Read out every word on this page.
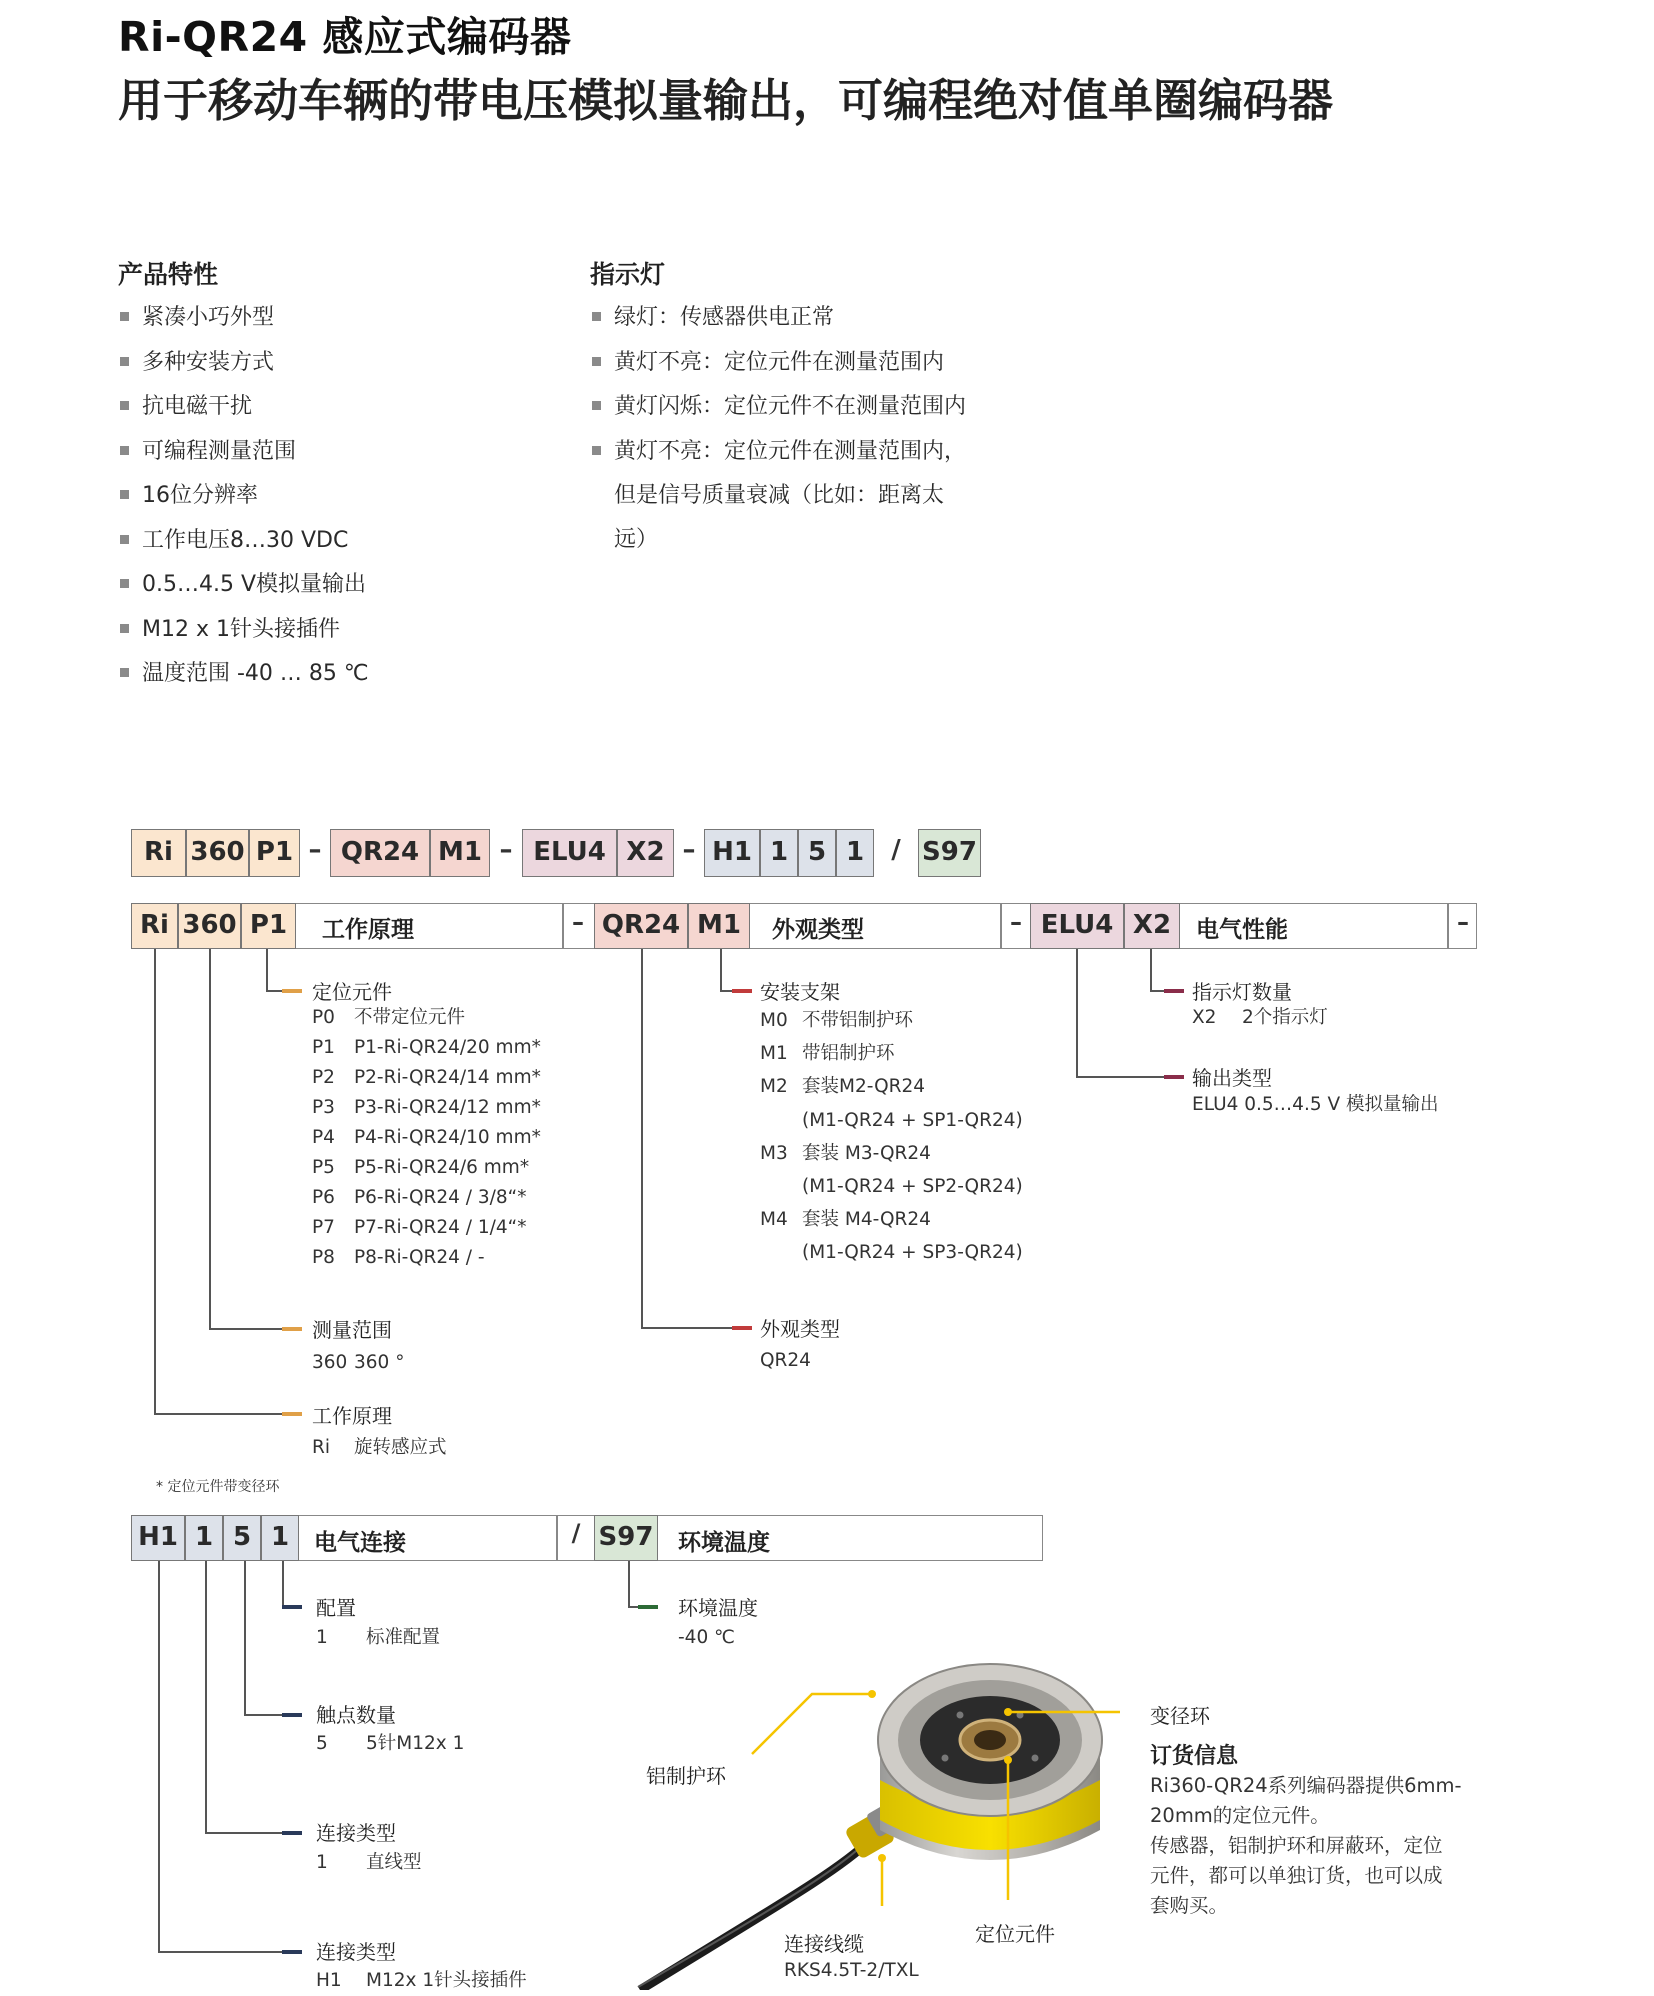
Ri-QR24 感应式编码器
用于移动车辆的带电压模拟量输出，可编程绝对值单圈编码器
产品特性
紧凑小巧外型
多种安装方式
抗电磁干扰
可编程测量范围
16位分辨率
工作电压8…30 VDC
0.5…4.5 V模拟量输出
M12 x 1针头接插件
温度范围 -40 … 85 ℃
指示灯
绿灯：传感器供电正常
黄灯不亮：定位元件在测量范围内
黄灯闪烁：定位元件不在测量范围内
黄灯不亮：定位元件在测量范围内，
但是信号质量衰减（比如：距离太
远）
Ri 360 P1 – QR24 M1 – ELU4 X2 – H1 1 5 1	/ S97
Ri 360 P1	工作原理	– QR24 M1	外观类型	– ELU4 X2	电气性能	–
定位元件
P0 不带定位元件
P1 P1-Ri-QR24/20 mm*
P2 P2-Ri-QR24/14 mm*
P3 P3-Ri-QR24/12 mm*
P4 P4-Ri-QR24/10 mm*
P5 P5-Ri-QR24/6 mm*
P6 P6-Ri-QR24 / 3/8“*
P7 P7-Ri-QR24 / 1/4“*
P8 P8-Ri-QR24 / -
测量范围
360 360 °
工作原理
Ri 旋转感应式
* 定位元件带变径环
安装支架
M0 不带铝制护环
M1 带铝制护环
M2 套装M2-QR24
(M1-QR24 + SP1-QR24)
M3 套装 M3-QR24
(M1-QR24 + SP2-QR24)
M4 套装 M4-QR24
(M1-QR24 + SP3-QR24)
外观类型
QR24
指示灯数量
X2 2个指示灯
输出类型
ELU4 0.5…4.5 V 模拟量输出
H1 1 5 1	电气连接	/ S97 环境温度
配置
1 标准配置
触点数量
5 5针M12x 1
连接类型
1 直线型
连接类型
H1 M12x 1针头接插件
环境温度
-40 ℃
变径环
铝制护环
连接线缆
RKS4.5T-2/TXL
定位元件
订货信息
Ri360-QR24系列编码器提供6mm-
20mm的定位元件。
传感器，铝制护环和屏蔽环，定位
元件，都可以单独订货，也可以成
套购买。
